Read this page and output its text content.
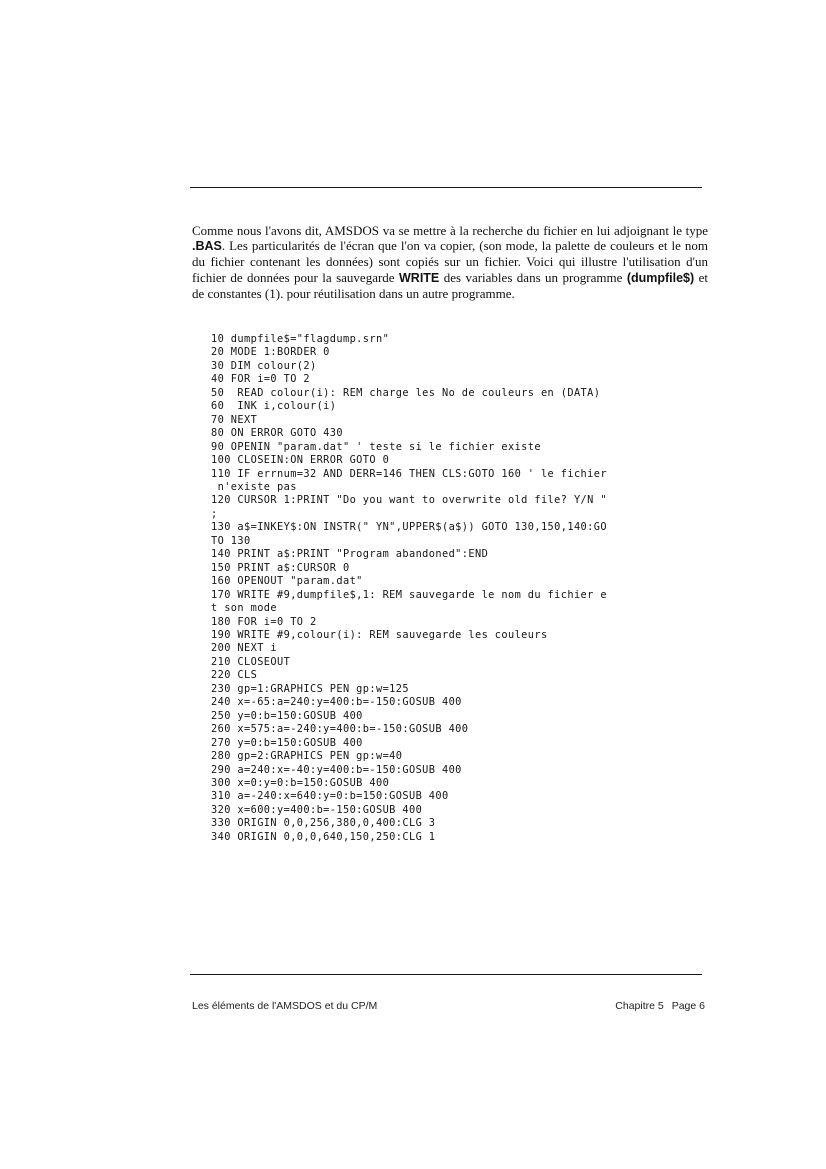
Comme nous l'avons dit, AMSDOS va se mettre à la recherche du fichier en lui adjoignant le type .BAS. Les particularités de l'écran que l'on va copier, (son mode, la palette de couleurs et le nom du fichier contenant les données) sont copiés sur un fichier. Voici qui illustre l'utilisation d'un fichier de données pour la sauvegarde WRITE des variables dans un programme (dumpfile$) et de constantes (1). pour réutilisation dans un autre programme.

10 dumpfile$="flagdump.srn"
20 MODE 1:BORDER 0
30 DIM colour(2)
40 FOR i=0 TO 2
50  READ colour(i): REM charge les No de couleurs en (DATA)
60  INK i,colour(i)
70 NEXT
80 ON ERROR GOTO 430
90 OPENIN "param.dat" ' teste si le fichier existe
100 CLOSEIN:ON ERROR GOTO 0
110 IF errnum=32 AND DERR=146 THEN CLS:GOTO 160 ' le fichier
n'existe pas
120 CURSOR 1:PRINT "Do you want to overwrite old file? Y/N "
;
130 a$=INKEY$:ON INSTR(" YN",UPPER$(a$)) GOTO 130,150,140:GO
TO 130
140 PRINT a$:PRINT "Program abandoned":END
150 PRINT a$:CURSOR 0
160 OPENOUT "param.dat"
170 WRITE #9,dumpfile$,1: REM sauvegarde le nom du fichier e
t son mode
180 FOR i=0 TO 2
190 WRITE #9,colour(i): REM sauvegarde les couleurs
200 NEXT i
210 CLOSEOUT
220 CLS
230 gp=1:GRAPHICS PEN gp:w=125
240 x=-65:a=240:y=400:b=-150:GOSUB 400
250 y=0:b=150:GOSUB 400
260 x=575:a=-240:y=400:b=-150:GOSUB 400
270 y=0:b=150:GOSUB 400
280 gp=2:GRAPHICS PEN gp:w=40
290 a=240:x=-40:y=400:b=-150:GOSUB 400
300 x=0:y=0:b=150:GOSUB 400
310 a=-240:x=640:y=0:b=150:GOSUB 400
320 x=600:y=400:b=-150:GOSUB 400
330 ORIGIN 0,0,256,380,0,400:CLG 3
340 ORIGIN 0,0,0,640,150,250:CLG 1
Les éléments de l'AMSDOS et du CP/M	Chapitre 5 Page 6
